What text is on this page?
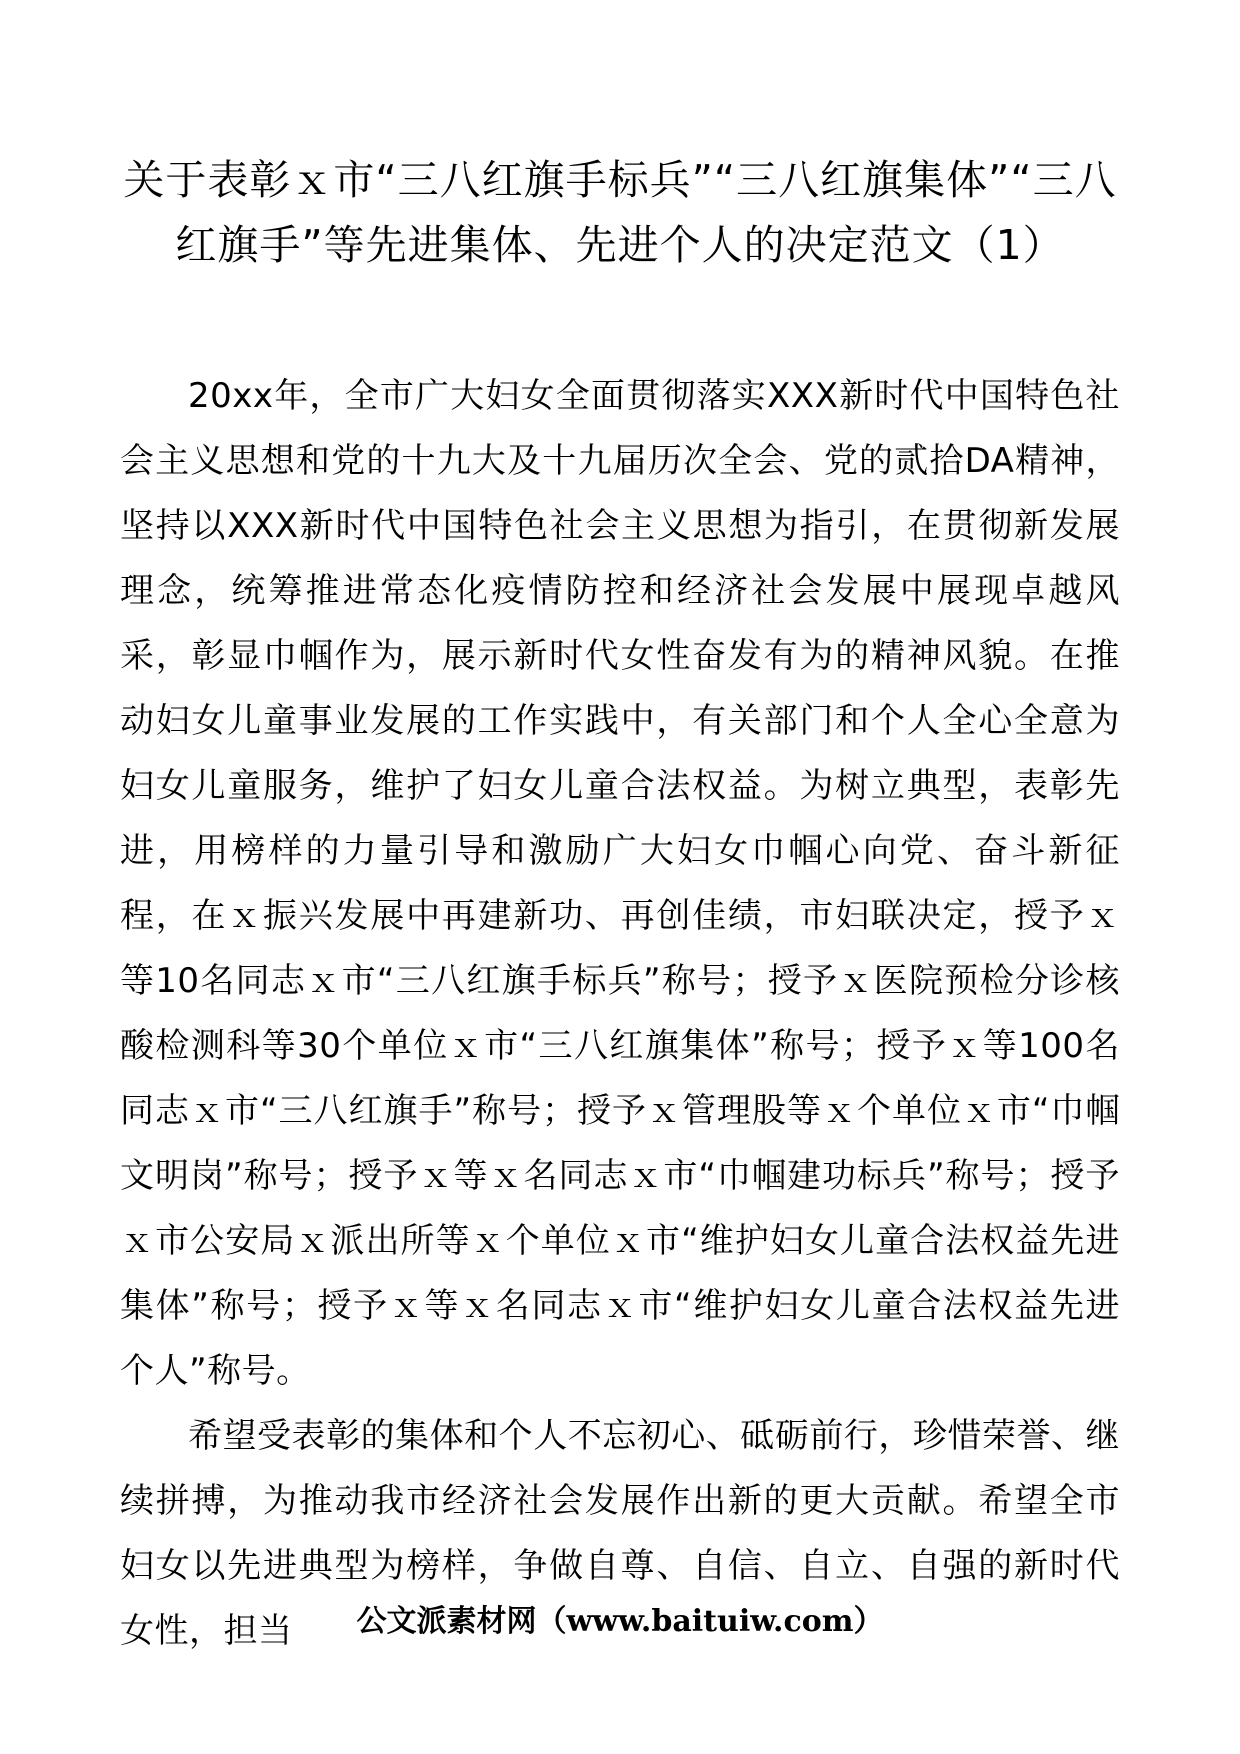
关于表彰ｘ市“三八红旗手标兵”“三八红旗集体”“三八红旗手”等先进集体、先进个人的决定范文（1）

20xx年，全市广大妇女全面贯彻落实XXX新时代中国特色社会主义思想和党的十九大及十九届历次全会、党的贰拾DA精神，坚持以XXX新时代中国特色社会主义思想为指引，在贯彻新发展理念，统筹推进常态化疫情防控和经济社会发展中展现卓越风采，彰显巾帼作为，展示新时代女性奋发有为的精神风貌。在推动妇女儿童事业发展的工作实践中，有关部门和个人全心全意为妇女儿童服务，维护了妇女儿童合法权益。为树立典型，表彰先进，用榜样的力量引导和激励广大妇女巾帼心向党、奋斗新征程，在ｘ振兴发展中再建新功、再创佳绩，市妇联决定，授予ｘ等10名同志ｘ市“三八红旗手标兵”称号；授予ｘ医院预检分诊核酸检测科等30个单位ｘ市“三八红旗集体”称号；授予ｘ等100名同志ｘ市“三八红旗手”称号；授予ｘ管理股等ｘ个单位ｘ市“巾帼文明岗”称号；授予ｘ等ｘ名同志ｘ市“巾帼建功标兵”称号；授予ｘ市公安局ｘ派出所等ｘ个单位ｘ市“维护妇女儿童合法权益先进集体”称号；授予ｘ等ｘ名同志ｘ市“维护妇女儿童合法权益先进个人”称号。

希望受表彰的集体和个人不忘初心、砥砺前行，珍惜荣誉、继续拼搏，为推动我市经济社会发展作出新的更大贡献。希望全市妇女以先进典型为榜样，争做自尊、自信、自立、自强的新时代女性，担当	公文派素材网（www.baituiw.com）
